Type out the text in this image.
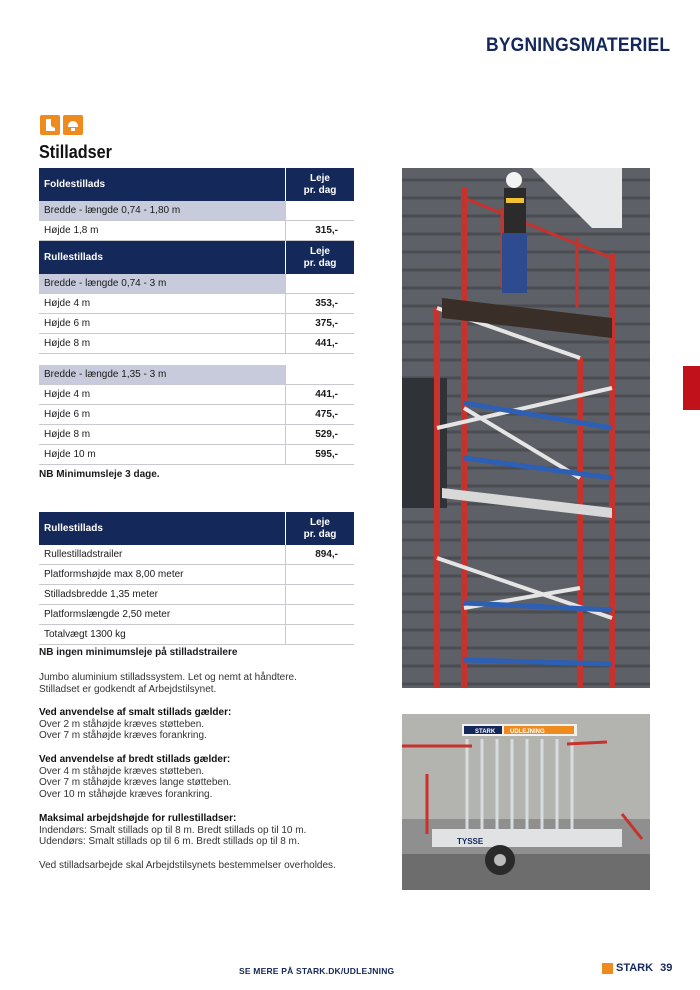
BYGNINGSMATERIEL
Stilladser
Foldestillads	Leje
pr. dag
Bredde - længde 0,74 - 1,80 m	
Højde 1,8 m	315,-
Rullestillads	Leje
pr. dag
Bredde - længde 0,74 - 3 m	
Højde 4 m	353,-
Højde 6 m	375,-
Højde 8 m	441,-

Bredde - længde 1,35 - 3 m	
Højde 4 m	441,-
Højde 6 m	475,-
Højde 8 m	529,-
Højde 10 m	595,-
NB Minimumsleje 3 dage.
Rullestillads	Leje
pr. dag
Rullestilladstrailer	894,-
Platformshøjde max 8,00 meter	
Stilladsbredde 1,35 meter	
Platformslængde 2,50 meter	
Totalvægt 1300 kg	
NB ingen minimumsleje på stilladstrailere
Jumbo aluminium stilladssystem. Let og nemt at håndtere.
Stilladset er godkendt af Arbejdstilsynet.
Ved anvendelse af smalt stillads gælder:
Over 2 m ståhøjde kræves støtteben.
Over 7 m ståhøjde kræves forankring.
Ved anvendelse af bredt stillads gælder:
Over 4 m ståhøjde kræves støtteben.
Over 7 m ståhøjde kræves lange støtteben.
Over 10 m ståhøjde kræves forankring.
Maksimal arbejdshøjde for rullestilladser:
Indendørs: Smalt stillads op til 8 m. Bredt stillads op til 10 m.
Udendørs: Smalt stillads op til 6 m. Bredt stillads op til 8 m.
Ved stilladsarbejde skal Arbejdstilsynets bestemmelser overholdes.
STARK UDLEJNING
TYSSE
SE MERE PÅ STARK.DK/UDLEJNING	STARK 39
